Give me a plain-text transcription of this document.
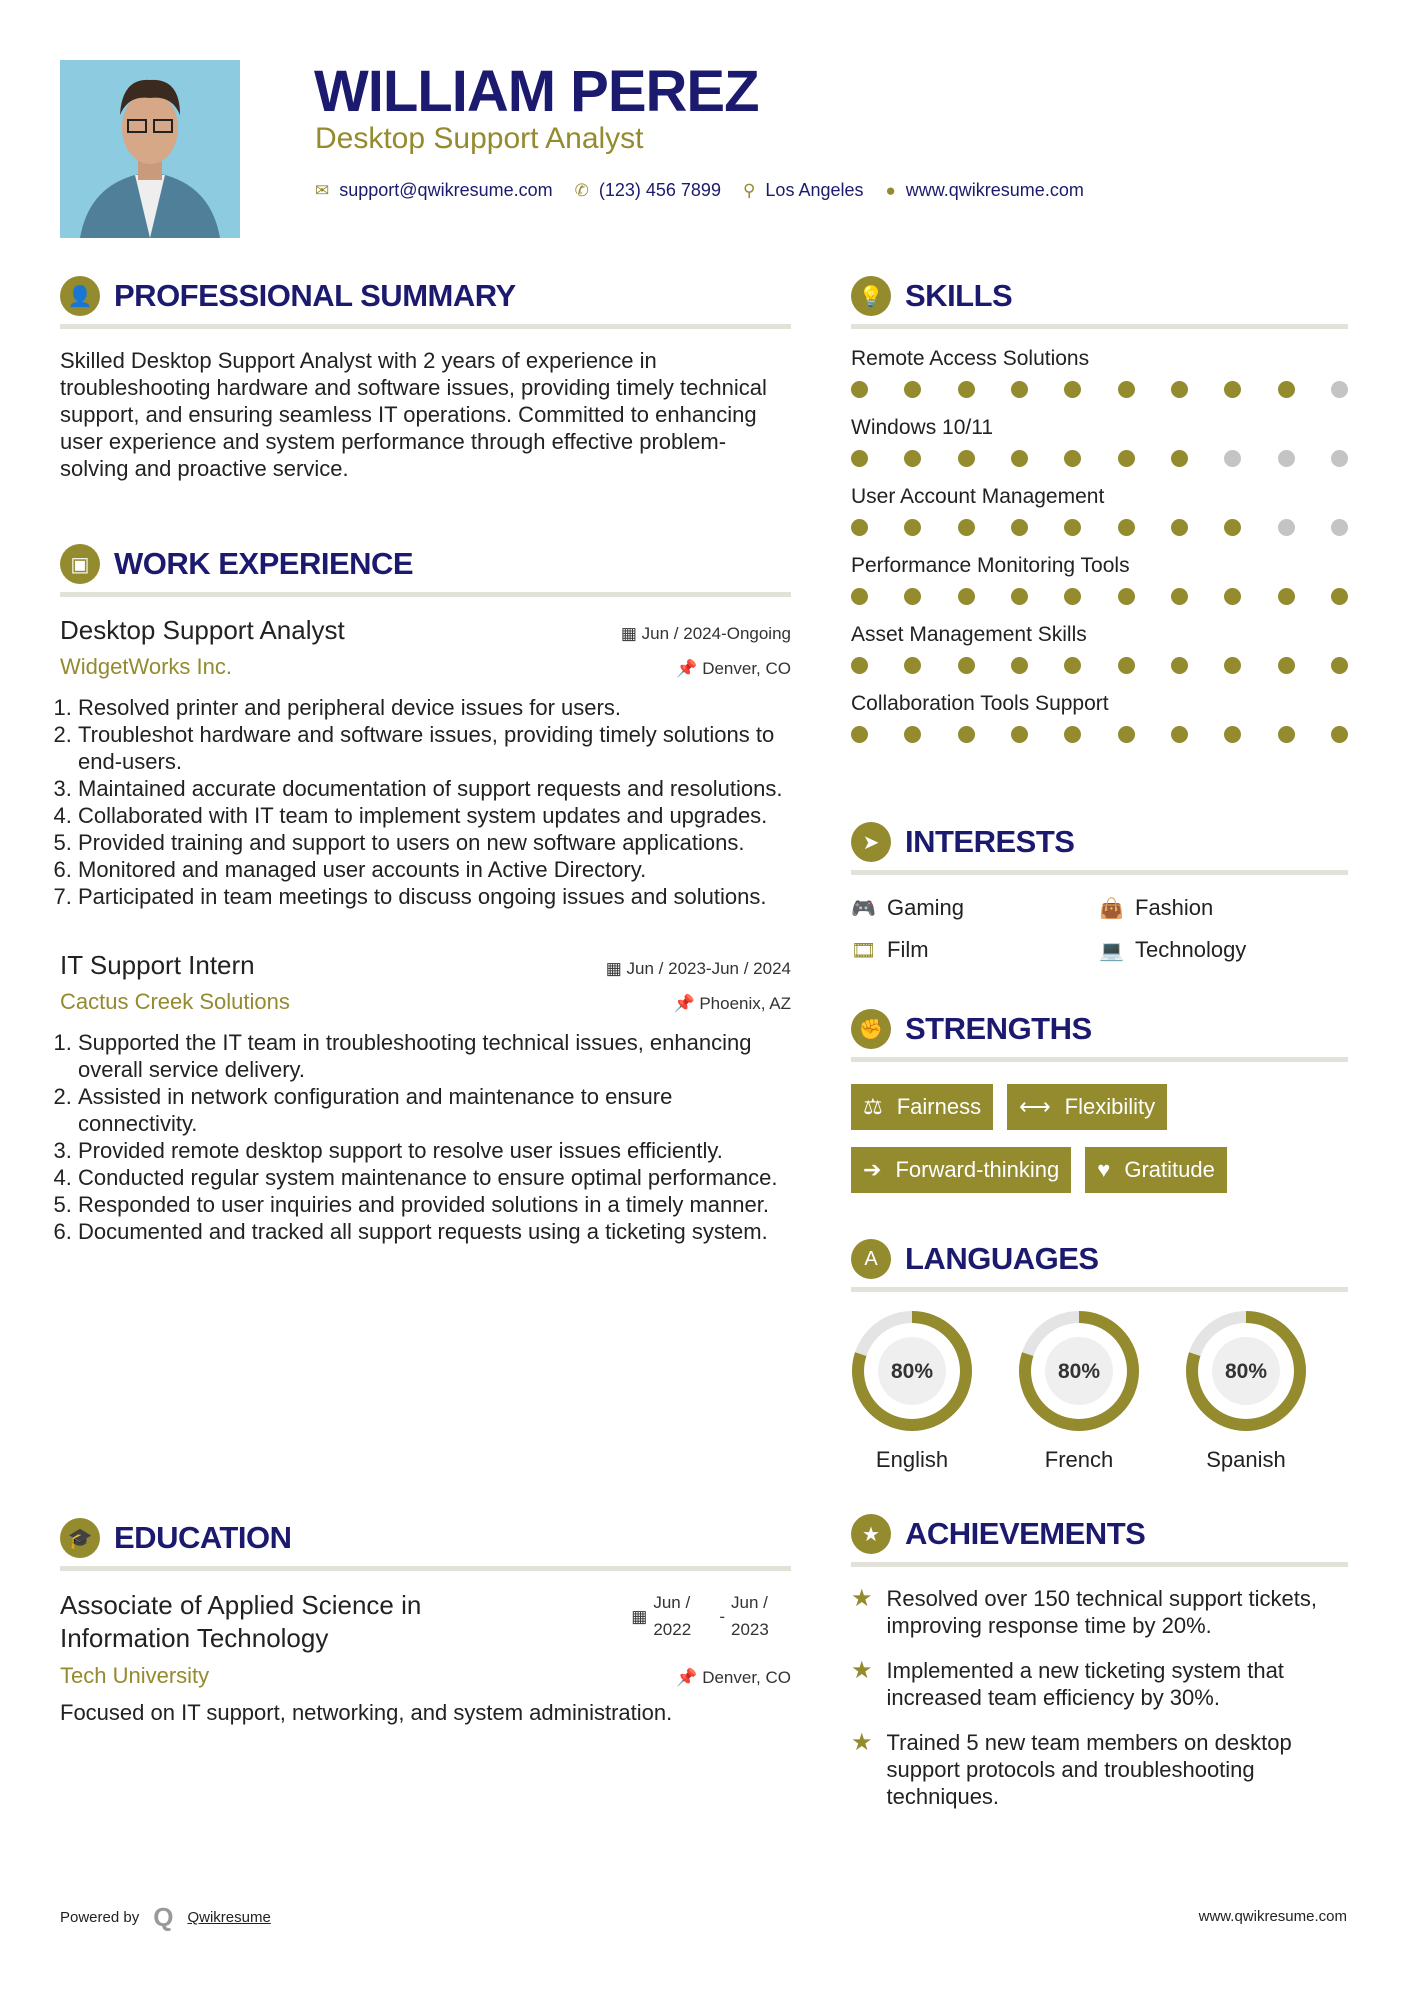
WILLIAM PEREZ
Desktop Support Analyst
✉ support@qwikresume.com ✆ (123) 456 7899 ⚲ Los Angeles ● www.qwikresume.com
👤 PROFESSIONAL SUMMARY

Skilled Desktop Support Analyst with 2 years of experience in troubleshooting hardware and software issues, providing timely technical support, and ensuring seamless IT operations. Committed to enhancing user experience and system performance through effective problem-solving and proactive service.

▣ WORK EXPERIENCE
Desktop Support Analyst	▦ Jun / 2024-Ongoing
WidgetWorks Inc.	📌 Denver, CO
1. Resolved printer and peripheral device issues for users.
2. Troubleshot hardware and software issues, providing timely solutions to end-users.
3. Maintained accurate documentation of support requests and resolutions.
4. Collaborated with IT team to implement system updates and upgrades.
5. Provided training and support to users on new software applications.
6. Monitored and managed user accounts in Active Directory.
7. Participated in team meetings to discuss ongoing issues and solutions.
IT Support Intern	▦ Jun / 2023-Jun / 2024
Cactus Creek Solutions	📌 Phoenix, AZ
1. Supported the IT team in troubleshooting technical issues, enhancing overall service delivery.
2. Assisted in network configuration and maintenance to ensure connectivity.
3. Provided remote desktop support to resolve user issues efficiently.
4. Conducted regular system maintenance to ensure optimal performance.
5. Responded to user inquiries and provided solutions in a timely manner.
6. Documented and tracked all support requests using a ticketing system.
🎓 EDUCATION
Associate of Applied Science in Information Technology
▦
Jun / 2022
-
Jun / 2023
Tech University	📌 Denver, CO

Focused on IT support, networking, and system administration.

💡 SKILLS
Remote Access Solutions
Windows 10/11
User Account Management
Performance Monitoring Tools
Asset Management Skills
Collaboration Tools Support
➤ INTERESTS
🎮 Gaming	👜 Fashion
🎞 Film	💻 Technology
✊ STRENGTHS
⚖ Fairness ⟷ Flexibility
➔ Forward-thinking ♥ Gratitude
A LANGUAGES
80%
English
80%
French
80%
Spanish
★ ACHIEVEMENTS
★ Resolved over 150 technical support tickets, improving response time by 20%.
★ Implemented a new ticketing system that increased team efficiency by 30%.
★ Trained 5 new team members on desktop support protocols and troubleshooting techniques.
Powered by Q Qwikresume	www.qwikresume.com
